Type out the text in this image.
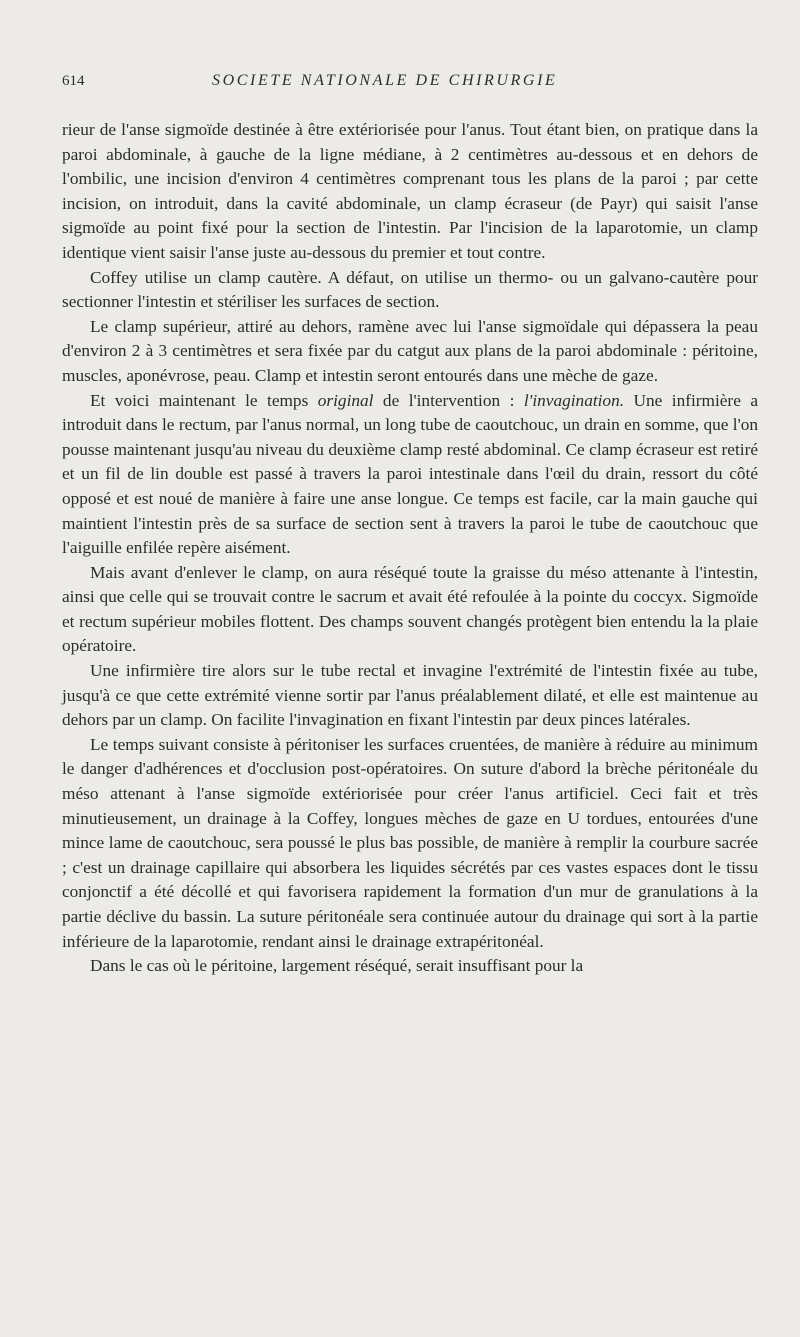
614	SOCIETE NATIONALE DE CHIRURGIE

rieur de l'anse sigmoïde destinée à être extériorisée pour l'anus. Tout étant bien, on pratique dans la paroi abdominale, à gauche de la ligne médiane, à 2 centimètres au-dessous et en dehors de l'ombilic, une incision d'environ 4 centimètres comprenant tous les plans de la paroi ; par cette incision, on introduit, dans la cavité abdominale, un clamp écraseur (de Payr) qui saisit l'anse sigmoïde au point fixé pour la section de l'intestin. Par l'incision de la laparotomie, un clamp identique vient saisir l'anse juste au-dessous du premier et tout contre.

Coffey utilise un clamp cautère. A défaut, on utilise un thermo- ou un galvano-cautère pour sectionner l'intestin et stériliser les surfaces de section.

Le clamp supérieur, attiré au dehors, ramène avec lui l'anse sigmoïdale qui dépassera la peau d'environ 2 à 3 centimètres et sera fixée par du catgut aux plans de la paroi abdominale : péritoine, muscles, aponévrose, peau. Clamp et intestin seront entourés dans une mèche de gaze.

Et voici maintenant le temps original de l'intervention : l'invagination. Une infirmière a introduit dans le rectum, par l'anus normal, un long tube de caoutchouc, un drain en somme, que l'on pousse maintenant jusqu'au niveau du deuxième clamp resté abdominal. Ce clamp écraseur est retiré et un fil de lin double est passé à travers la paroi intestinale dans l'œil du drain, ressort du côté opposé et est noué de manière à faire une anse longue. Ce temps est facile, car la main gauche qui maintient l'intestin près de sa surface de section sent à travers la paroi le tube de caoutchouc que l'aiguille enfilée repère aisément.

Mais avant d'enlever le clamp, on aura réséqué toute la graisse du méso attenante à l'intestin, ainsi que celle qui se trouvait contre le sacrum et avait été refoulée à la pointe du coccyx. Sigmoïde et rectum supérieur mobiles flottent. Des champs souvent changés protègent bien entendu la la plaie opératoire.

Une infirmière tire alors sur le tube rectal et invagine l'extrémité de l'intestin fixée au tube, jusqu'à ce que cette extrémité vienne sortir par l'anus préalablement dilaté, et elle est maintenue au dehors par un clamp. On facilite l'invagination en fixant l'intestin par deux pinces latérales.

Le temps suivant consiste à péritoniser les surfaces cruentées, de manière à réduire au minimum le danger d'adhérences et d'occlusion post-opératoires. On suture d'abord la brèche péritonéale du méso attenant à l'anse sigmoïde extériorisée pour créer l'anus artificiel. Ceci fait et très minutieusement, un drainage à la Coffey, longues mèches de gaze en U tordues, entourées d'une mince lame de caoutchouc, sera poussé le plus bas possible, de manière à remplir la courbure sacrée ; c'est un drainage capillaire qui absorbera les liquides sécrétés par ces vastes espaces dont le tissu conjonctif a été décollé et qui favorisera rapidement la formation d'un mur de granulations à la partie déclive du bassin. La suture péritonéale sera continuée autour du drainage qui sort à la partie inférieure de la laparotomie, rendant ainsi le drainage extrapéritonéal.

Dans le cas où le péritoine, largement réséqué, serait insuffisant pour la
